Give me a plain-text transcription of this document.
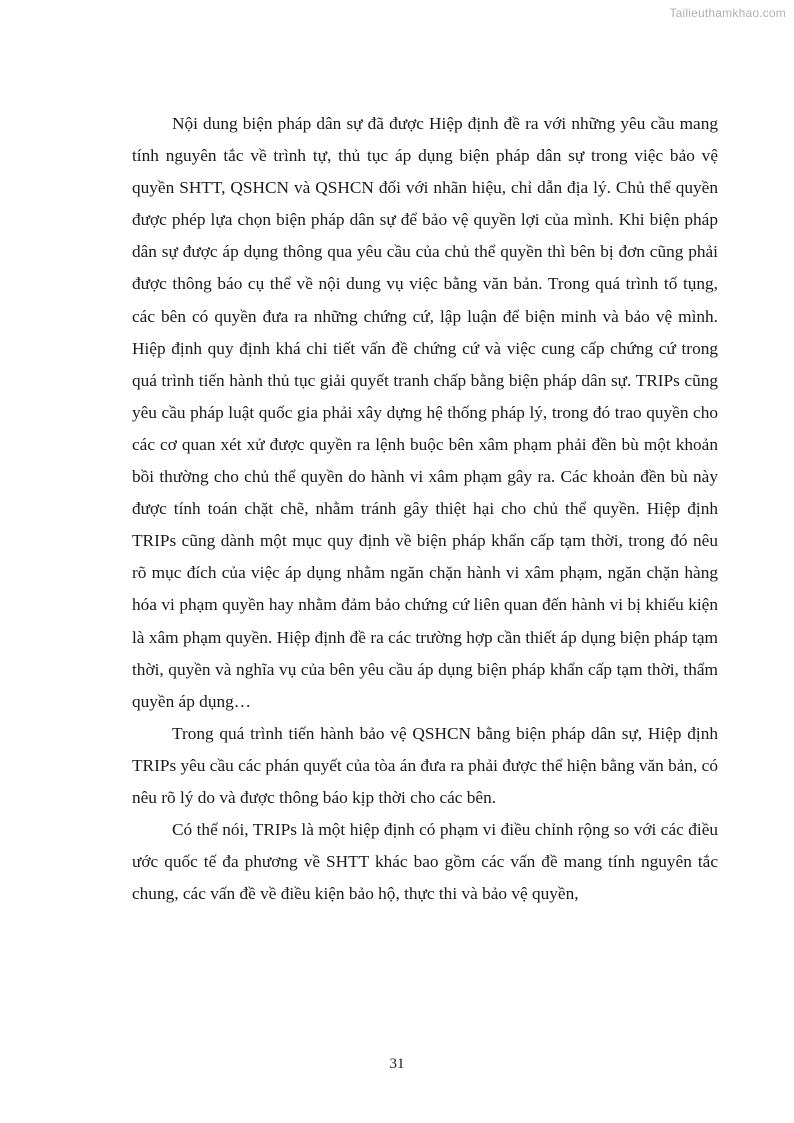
Tailieuthamkhao.com

Nội dung biện pháp dân sự đã được Hiệp định đề ra với những yêu cầu mang tính nguyên tắc về trình tự, thủ tục áp dụng biện pháp dân sự trong việc bảo vệ quyền SHTT, QSHCN và QSHCN đối với nhãn hiệu, chỉ dẫn địa lý. Chủ thể quyền được phép lựa chọn biện pháp dân sự để bảo vệ quyền lợi của mình. Khi biện pháp dân sự được áp dụng thông qua yêu cầu của chủ thể quyền thì bên bị đơn cũng phải được thông báo cụ thể về nội dung vụ việc bằng văn bản. Trong quá trình tố tụng, các bên có quyền đưa ra những chứng cứ, lập luận để biện minh và bảo vệ mình. Hiệp định quy định khá chi tiết vấn đề chứng cứ và việc cung cấp chứng cứ trong quá trình tiến hành thủ tục giải quyết tranh chấp bằng biện pháp dân sự. TRIPs cũng yêu cầu pháp luật quốc gia phải xây dựng hệ thống pháp lý, trong đó trao quyền cho các cơ quan xét xử được quyền ra lệnh buộc bên xâm phạm phải đền bù một khoản bồi thường cho chủ thể quyền do hành vi xâm phạm gây ra. Các khoản đền bù này được tính toán chặt chẽ, nhằm tránh gây thiệt hại cho chủ thể quyền. Hiệp định TRIPs cũng dành một mục quy định về biện pháp khẩn cấp tạm thời, trong đó nêu rõ mục đích của việc áp dụng nhằm ngăn chặn hành vi xâm phạm, ngăn chặn hàng hóa vi phạm quyền hay nhằm đảm bảo chứng cứ liên quan đến hành vi bị khiếu kiện là xâm phạm quyền. Hiệp định đề ra các trường hợp cần thiết áp dụng biện pháp tạm thời, quyền và nghĩa vụ của bên yêu cầu áp dụng biện pháp khẩn cấp tạm thời, thẩm quyền áp dụng…

Trong quá trình tiến hành bảo vệ QSHCN bằng biện pháp dân sự, Hiệp định TRIPs yêu cầu các phán quyết của tòa án đưa ra phải được thể hiện bằng văn bản, có nêu rõ lý do và được thông báo kịp thời cho các bên.

Có thể nói, TRIPs là một hiệp định có phạm vi điều chỉnh rộng so với các điều ước quốc tế đa phương về SHTT khác bao gồm các vấn đề mang tính nguyên tắc chung, các vấn đề về điều kiện bảo hộ, thực thi và bảo vệ quyền,

31
